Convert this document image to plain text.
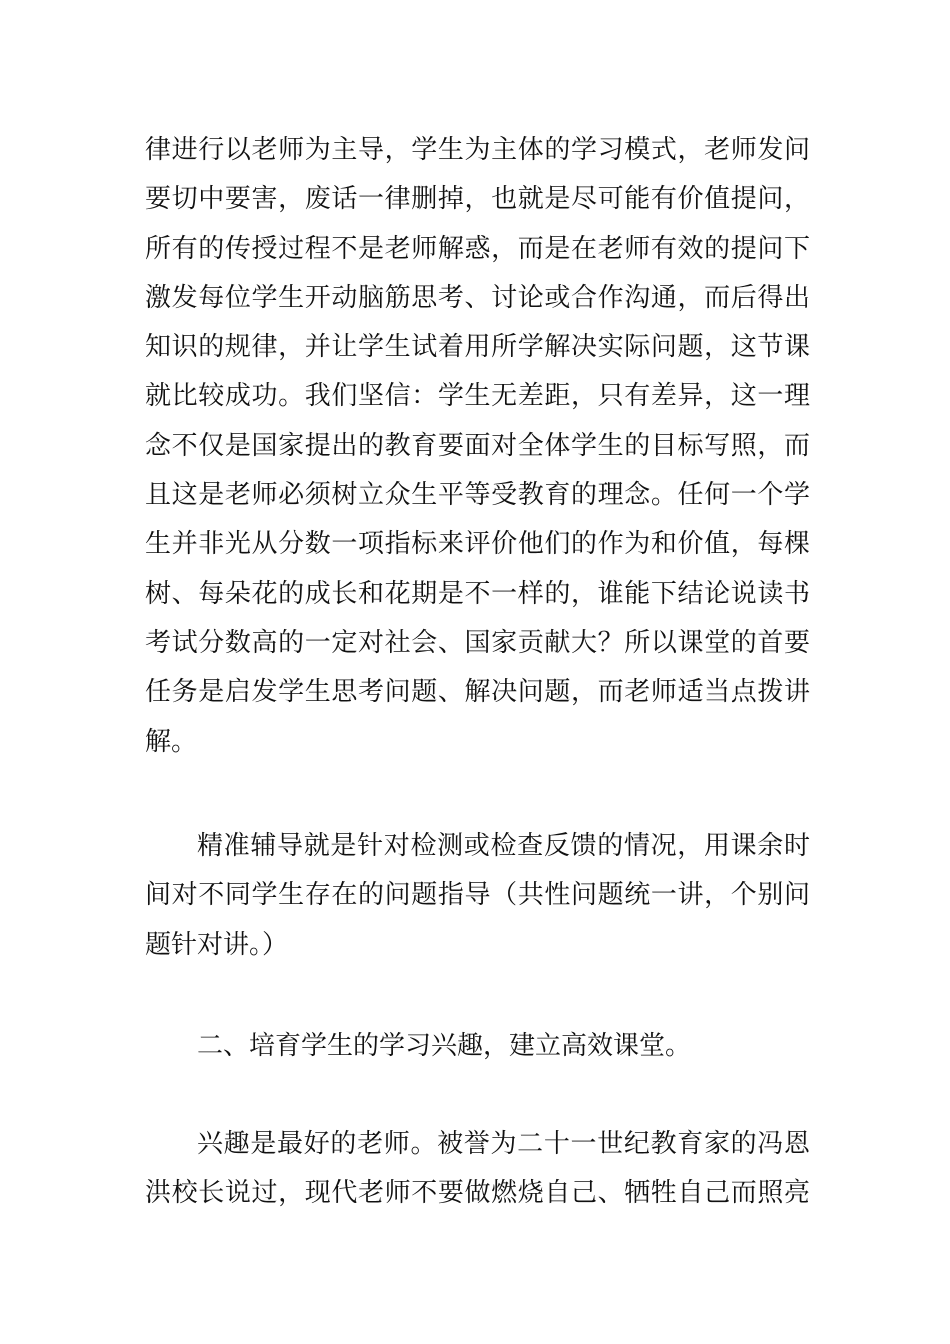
律进行以老师为主导，学生为主体的学习模式，老师发问
要切中要害，废话一律删掉，也就是尽可能有价值提问，
所有的传授过程不是老师解惑，而是在老师有效的提问下
激发每位学生开动脑筋思考、讨论或合作沟通，而后得出
知识的规律，并让学生试着用所学解决实际问题，这节课
就比较成功。我们坚信：学生无差距，只有差异，这一理
念不仅是国家提出的教育要面对全体学生的目标写照，而
且这是老师必须树立众生平等受教育的理念。任何一个学
生并非光从分数一项指标来评价他们的作为和价值，每棵
树、每朵花的成长和花期是不一样的，谁能下结论说读书
考试分数高的一定对社会、国家贡献大？所以课堂的首要
任务是启发学生思考问题、解决问题，而老师适当点拨讲
解。
精准辅导就是针对检测或检查反馈的情况，用课余时
间对不同学生存在的问题指导（共性问题统一讲，个别问
题针对讲。）
二、培育学生的学习兴趣，建立高效课堂。
兴趣是最好的老师。被誉为二十一世纪教育家的冯恩
洪校长说过，现代老师不要做燃烧自己、牺牲自己而照亮
